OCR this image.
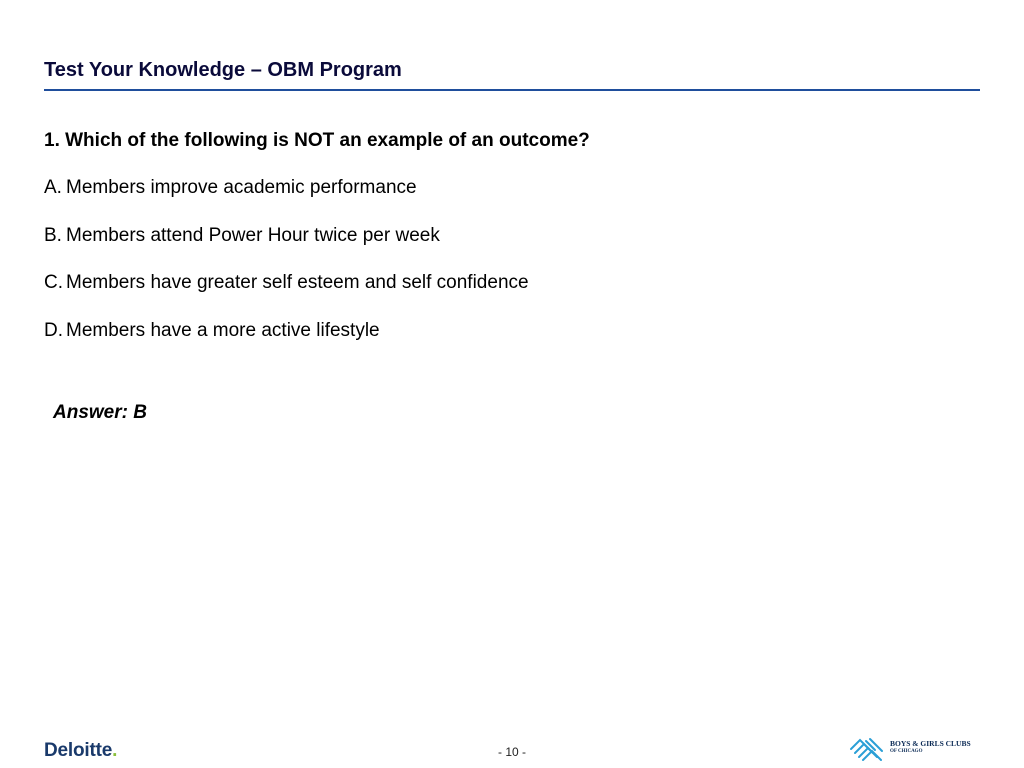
Test Your Knowledge – OBM Program
1. Which of the following is NOT an example of an outcome?
A. Members improve academic performance
B. Members attend Power Hour twice per week
C. Members have greater self esteem and self confidence
D. Members have a more active lifestyle
Answer: B
Deloitte.	- 10 -
BOYS & GIRLS CLUBS
OF CHICAGO
